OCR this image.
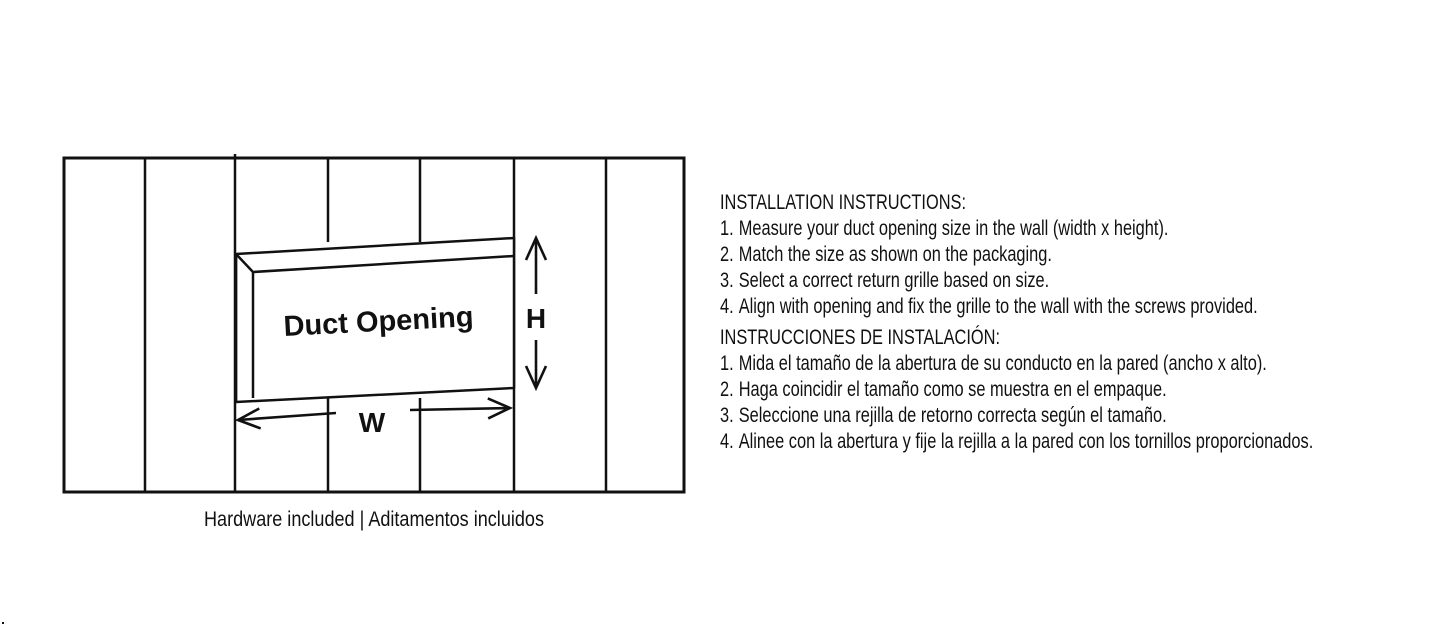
Duct Opening H
W
Hardware included | Aditamentos incluidos

INSTALLATION INSTRUCTIONS:

1. Measure your duct opening size in the wall (width x height).
2. Match the size as shown on the packaging.
3. Select a correct return grille based on size.
4. Align with opening and fix the grille to the wall with the screws provided.

INSTRUCCIONES DE INSTALACIÓN:

1. Mida el tamaño de la abertura de su conducto en la pared (ancho x alto).
2. Haga coincidir el tamaño como se muestra en el empaque.
3. Seleccione una rejilla de retorno correcta según el tamaño.
4. Alinee con la abertura y fije la rejilla a la pared con los tornillos proporcionados.
